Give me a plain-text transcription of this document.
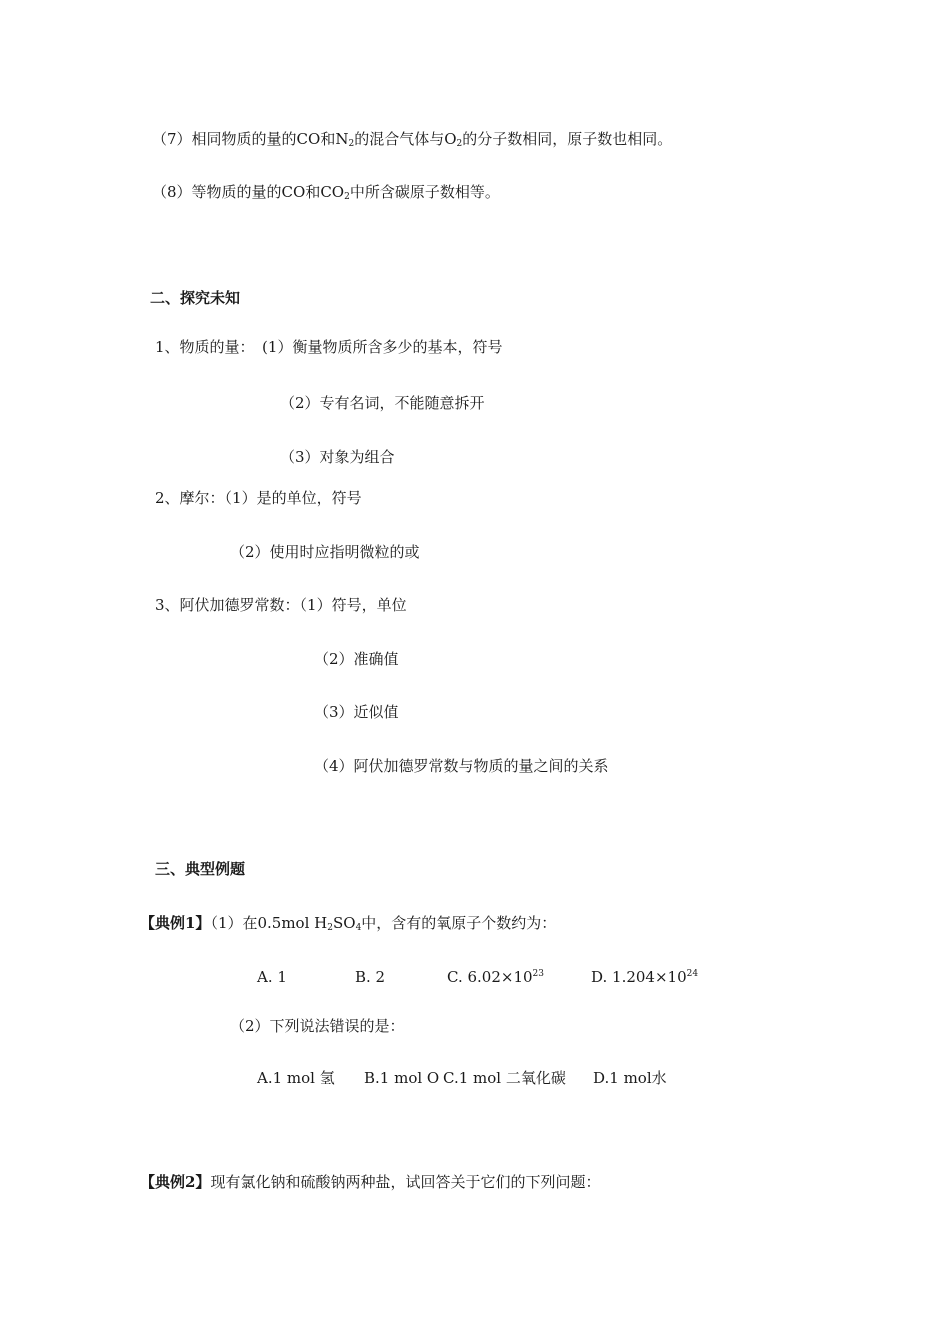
（7）相同物质的量的CO和$N_2$的混合气体与$O_2$的分子数相同，原子数也相同。
（8）等物质的量的CO和$CO_2$中所含碳原子数相等。
二、探究未知
1、物质的量：　(1）衡量物质所含多少的基本，符号
（2）专有名词，不能随意拆开
（3）对象为组合
2、摩尔：（1）是的单位，符号
（2）使用时应指明微粒的或
3、阿伏加德罗常数：（1）符号，单位
（2）准确值
（3）近似值
（4）阿伏加德罗常数与物质的量之间的关系
三、典型例题
【典例1】（1）在0.5mol $H_2SO_4$中，含有的氧原子个数约为：
A. 1	B. 2	C. $6.02\times 10^{23}$	D. $1.204\times 10^{24}$
（2）下列说法错误的是：
A.1 mol 氢 B.1 mol O C.1 mol 二氧化碳 D.1 mol水
【典例2】现有氯化钠和硫酸钠两种盐，试回答关于它们的下列问题：
